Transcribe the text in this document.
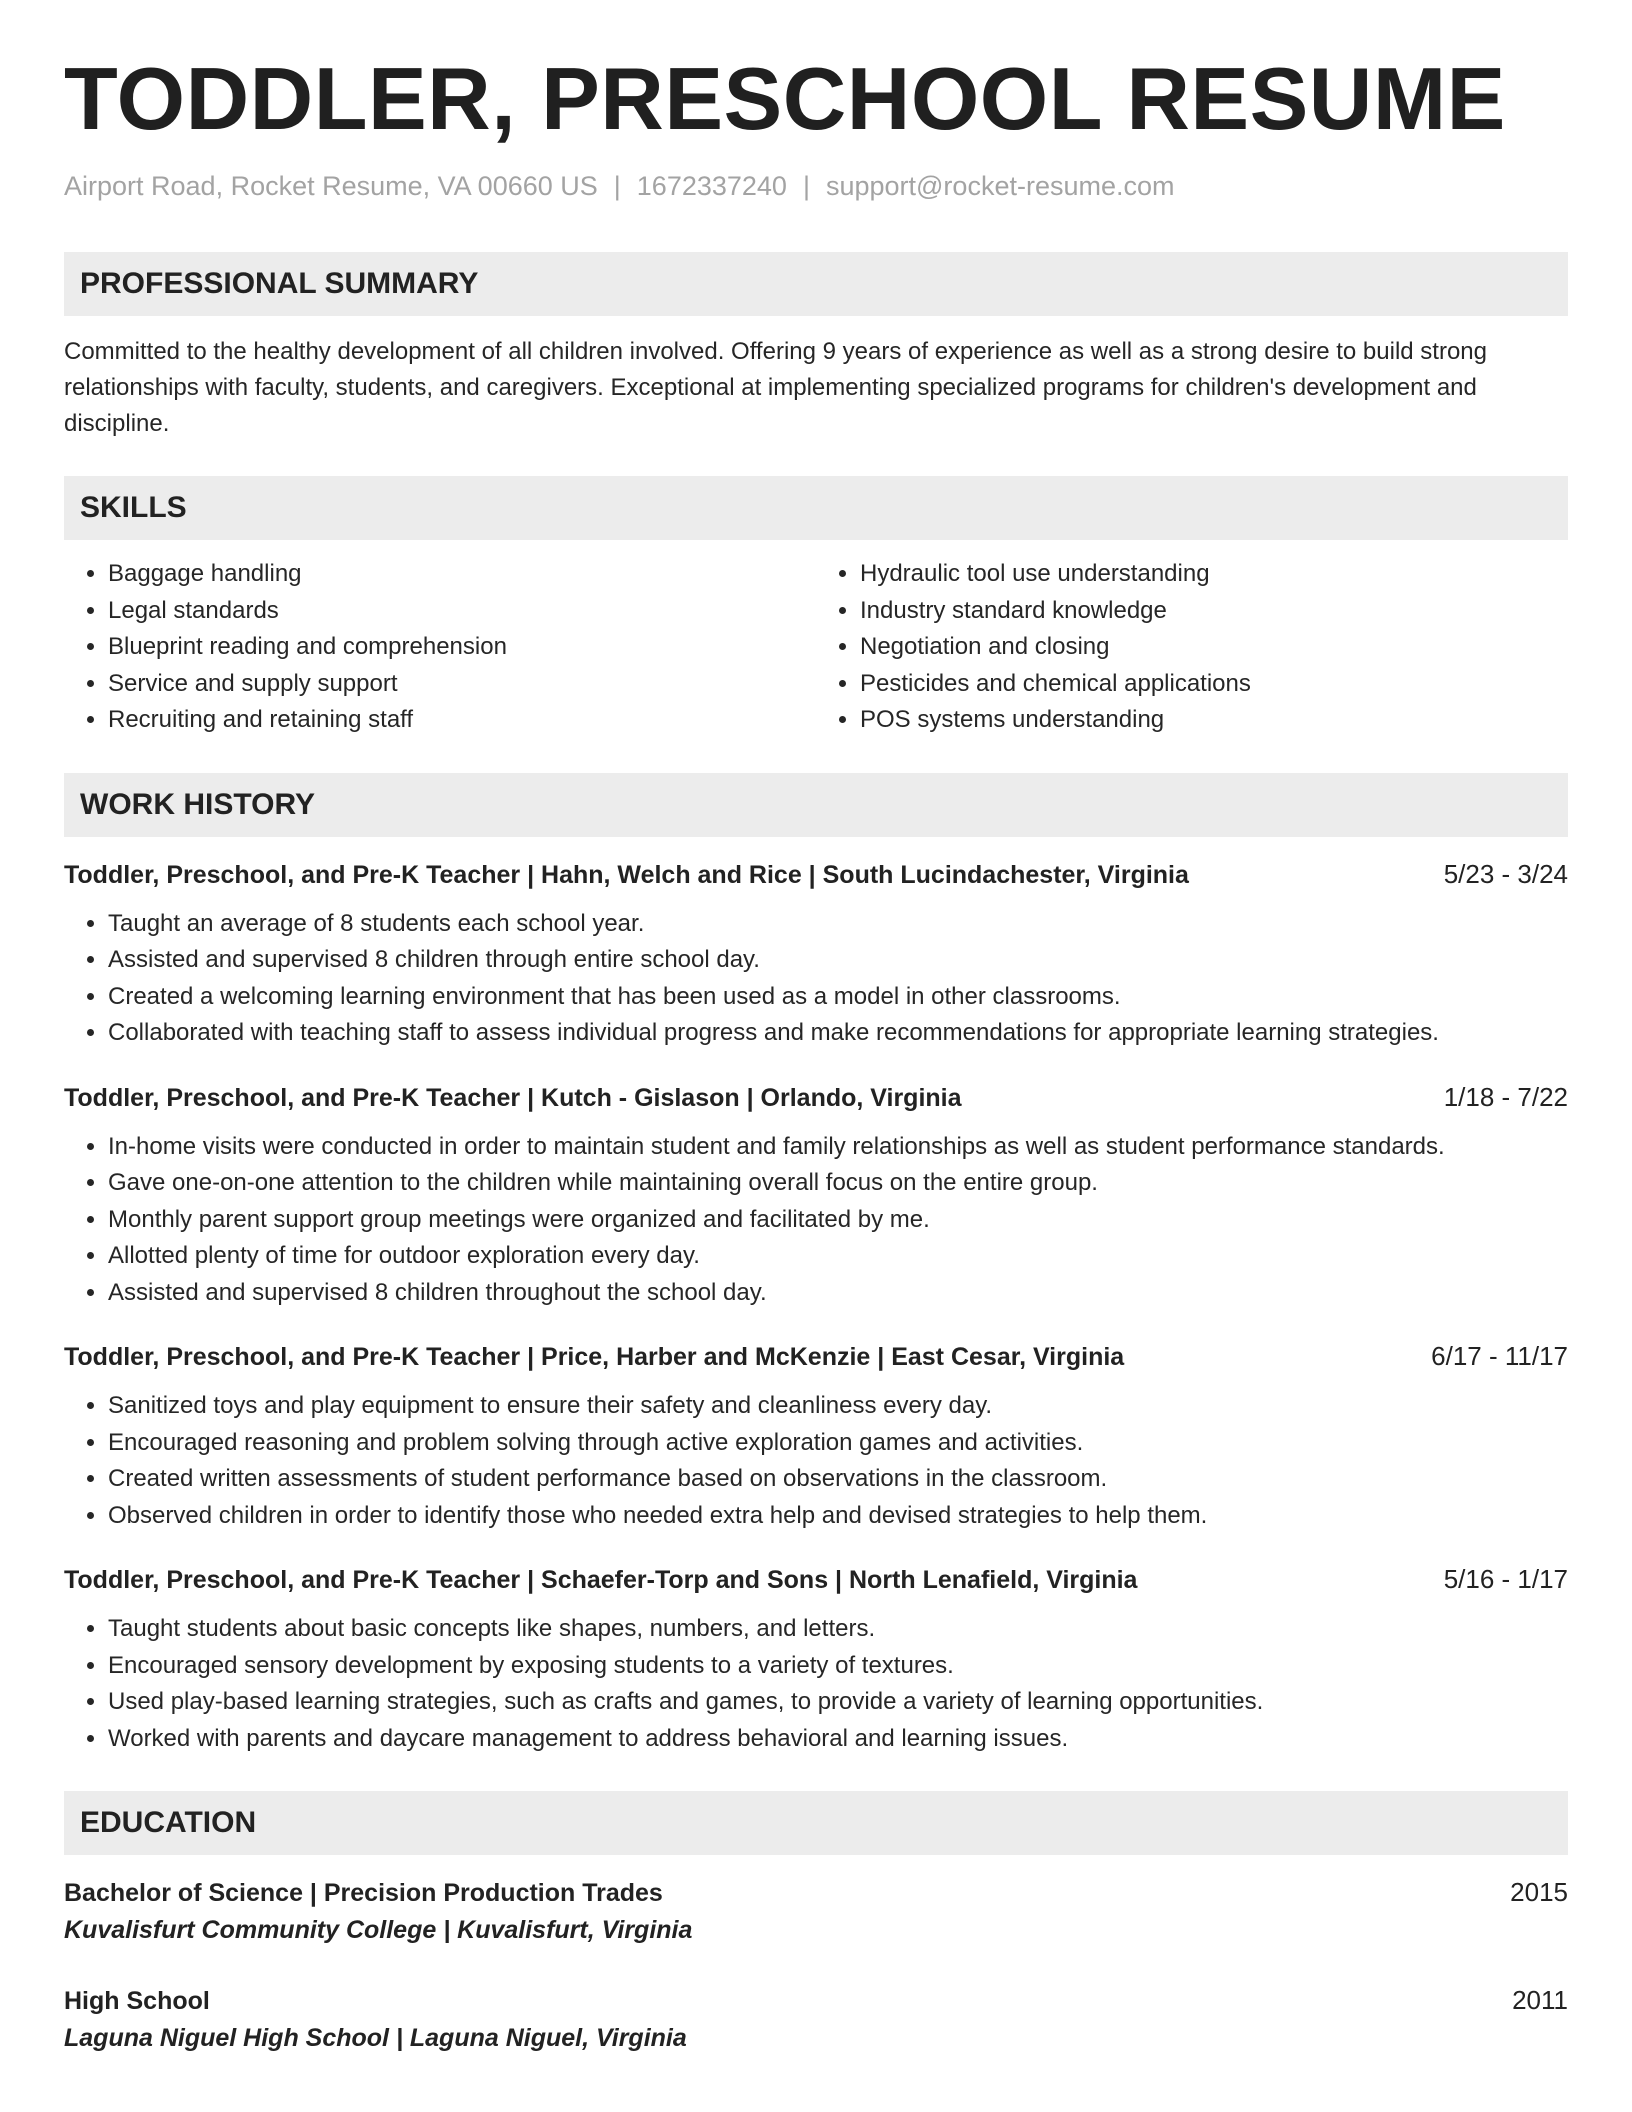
TODDLER, PRESCHOOL RESUME
Airport Road, Rocket Resume, VA 00660 US | 1672337240 | support@rocket-resume.com
PROFESSIONAL SUMMARY
Committed to the healthy development of all children involved. Offering 9 years of experience as well as a strong desire to build strong relationships with faculty, students, and caregivers. Exceptional at implementing specialized programs for children's development and discipline.
SKILLS
• Baggage handling
• Legal standards
• Blueprint reading and comprehension
• Service and supply support
• Recruiting and retaining staff
• Hydraulic tool use understanding
• Industry standard knowledge
• Negotiation and closing
• Pesticides and chemical applications
• POS systems understanding
WORK HISTORY
Toddler, Preschool, and Pre-K Teacher | Hahn, Welch and Rice | South Lucindachester, Virginia	5/23 - 3/24
• Taught an average of 8 students each school year.
• Assisted and supervised 8 children through entire school day.
• Created a welcoming learning environment that has been used as a model in other classrooms.
• Collaborated with teaching staff to assess individual progress and make recommendations for appropriate learning strategies.
Toddler, Preschool, and Pre-K Teacher | Kutch - Gislason | Orlando, Virginia	1/18 - 7/22
• In-home visits were conducted in order to maintain student and family relationships as well as student performance standards.
• Gave one-on-one attention to the children while maintaining overall focus on the entire group.
• Monthly parent support group meetings were organized and facilitated by me.
• Allotted plenty of time for outdoor exploration every day.
• Assisted and supervised 8 children throughout the school day.
Toddler, Preschool, and Pre-K Teacher | Price, Harber and McKenzie | East Cesar, Virginia	6/17 - 11/17
• Sanitized toys and play equipment to ensure their safety and cleanliness every day.
• Encouraged reasoning and problem solving through active exploration games and activities.
• Created written assessments of student performance based on observations in the classroom.
• Observed children in order to identify those who needed extra help and devised strategies to help them.
Toddler, Preschool, and Pre-K Teacher | Schaefer-Torp and Sons | North Lenafield, Virginia	5/16 - 1/17
• Taught students about basic concepts like shapes, numbers, and letters.
• Encouraged sensory development by exposing students to a variety of textures.
• Used play-based learning strategies, such as crafts and games, to provide a variety of learning opportunities.
• Worked with parents and daycare management to address behavioral and learning issues.
EDUCATION
Bachelor of Science | Precision Production Trades	2015
Kuvalisfurt Community College | Kuvalisfurt, Virginia
High School	2011
Laguna Niguel High School | Laguna Niguel, Virginia
